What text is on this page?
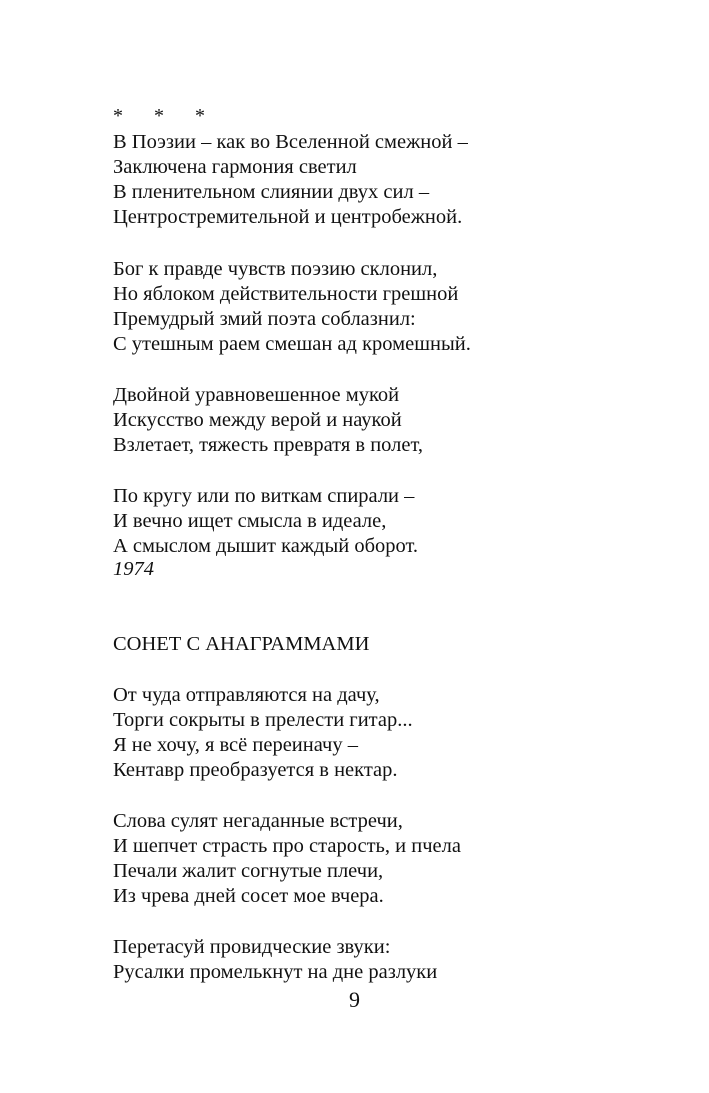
* * *
В Поэзии – как во Вселенной смежной –
Заключена гармония светил
В пленительном слиянии двух сил –
Центростремительной и центробежной.
Бог к правде чувств поэзию склонил,
Но яблоком действительности грешной
Премудрый змий поэта соблазнил:
С утешным раем смешан ад кромешный.
Двойной уравновешенное мукой
Искусство между верой и наукой
Взлетает, тяжесть превратя в полет,
По кругу или по виткам спирали –
И вечно ищет смысла в идеале,
А смыслом дышит каждый оборот.
1974
СОНЕТ С АНАГРАММАМИ
От чуда отправляются на дачу,
Торги сокрыты в прелести гитар...
Я не хочу, я всё переиначу –
Кентавр преобразуется в нектар.
Слова сулят негаданные встречи,
И шепчет страсть про старость, и пчела
Печали жалит согнутые плечи,
Из чрева дней сосет мое вчера.
Перетасуй провидческие звуки:
Русалки промелькнут на дне разлуки
9
